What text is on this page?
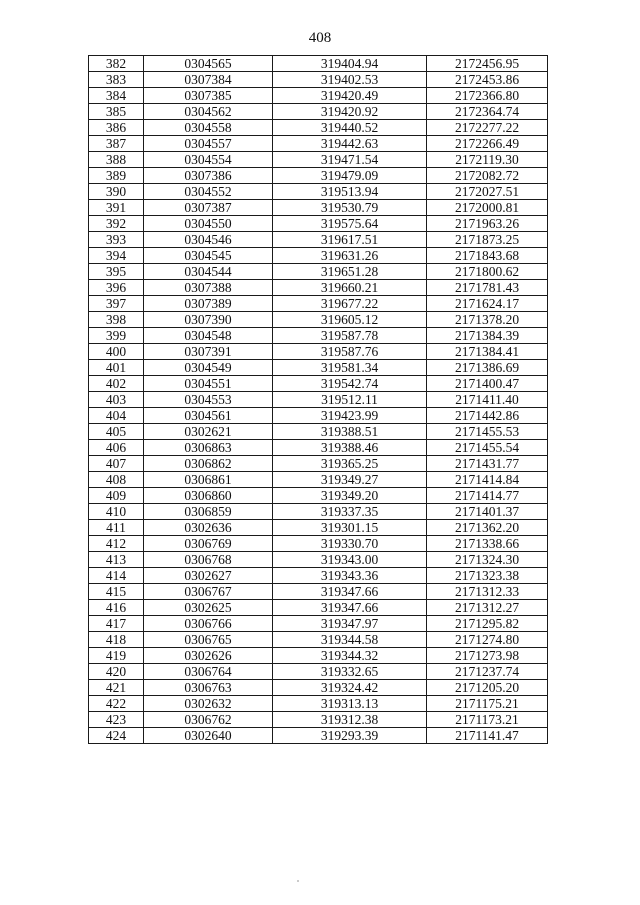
408
382	0304565	319404.94	2172456.95
383	0307384	319402.53	2172453.86
384	0307385	319420.49	2172366.80
385	0304562	319420.92	2172364.74
386	0304558	319440.52	2172277.22
387	0304557	319442.63	2172266.49
388	0304554	319471.54	2172119.30
389	0307386	319479.09	2172082.72
390	0304552	319513.94	2172027.51
391	0307387	319530.79	2172000.81
392	0304550	319575.64	2171963.26
393	0304546	319617.51	2171873.25
394	0304545	319631.26	2171843.68
395	0304544	319651.28	2171800.62
396	0307388	319660.21	2171781.43
397	0307389	319677.22	2171624.17
398	0307390	319605.12	2171378.20
399	0304548	319587.78	2171384.39
400	0307391	319587.76	2171384.41
401	0304549	319581.34	2171386.69
402	0304551	319542.74	2171400.47
403	0304553	319512.11	2171411.40
404	0304561	319423.99	2171442.86
405	0302621	319388.51	2171455.53
406	0306863	319388.46	2171455.54
407	0306862	319365.25	2171431.77
408	0306861	319349.27	2171414.84
409	0306860	319349.20	2171414.77
410	0306859	319337.35	2171401.37
411	0302636	319301.15	2171362.20
412	0306769	319330.70	2171338.66
413	0306768	319343.00	2171324.30
414	0302627	319343.36	2171323.38
415	0306767	319347.66	2171312.33
416	0302625	319347.66	2171312.27
417	0306766	319347.97	2171295.82
418	0306765	319344.58	2171274.80
419	0302626	319344.32	2171273.98
420	0306764	319332.65	2171237.74
421	0306763	319324.42	2171205.20
422	0302632	319313.13	2171175.21
423	0306762	319312.38	2171173.21
424	0302640	319293.39	2171141.47
